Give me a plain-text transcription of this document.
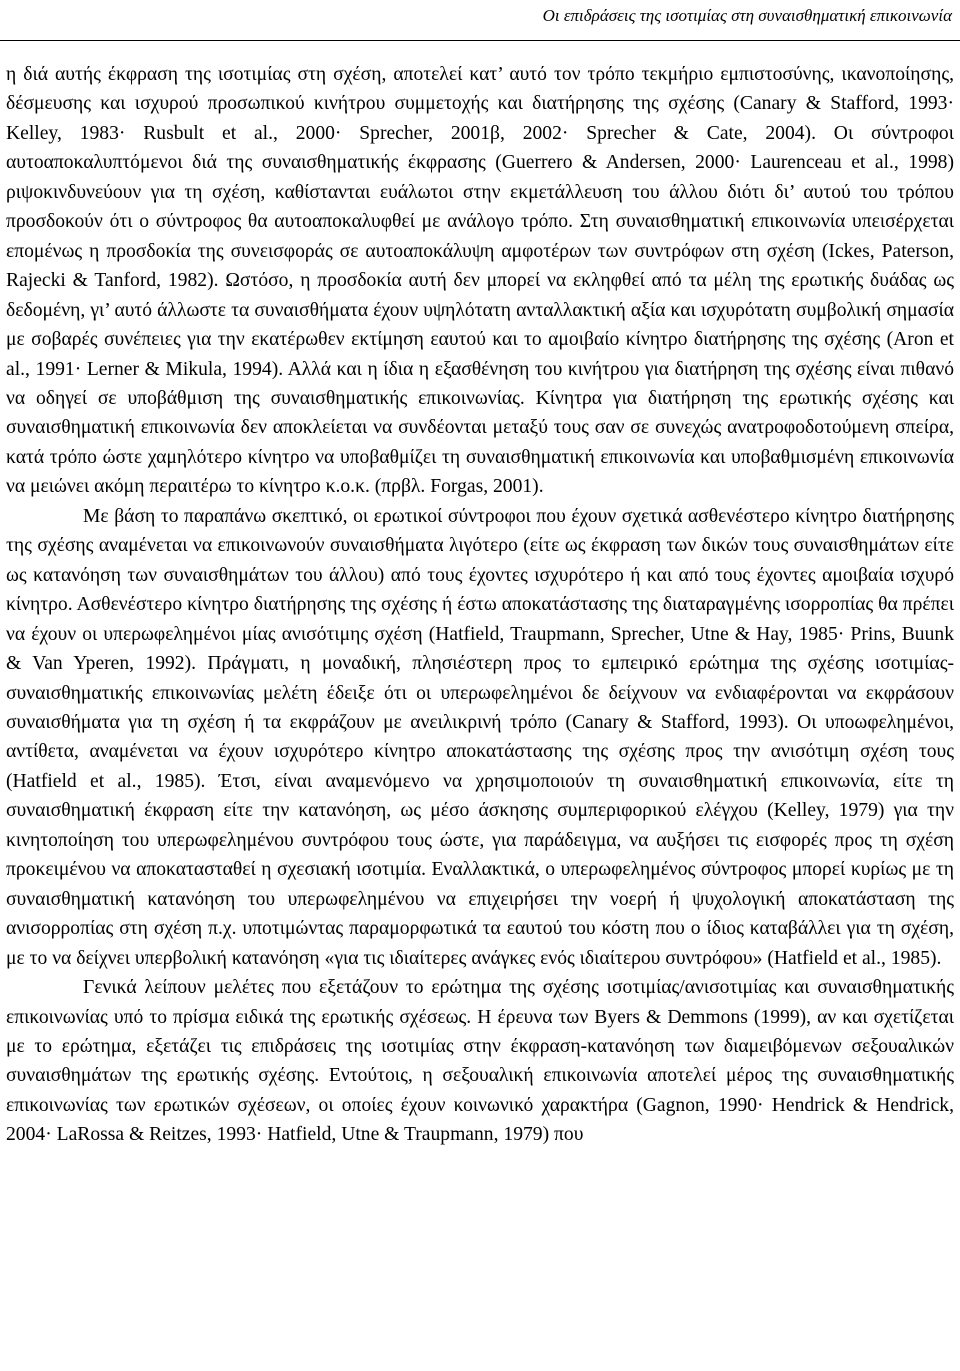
Οι επιδράσεις της ισοτιμίας στη συναισθηματική επικοινωνία

η διά αυτής έκφραση της ισοτιμίας στη σχέση, αποτελεί κατ’ αυτό τον τρόπο τεκμήριο εμπιστοσύνης, ικανοποίησης, δέσμευσης και ισχυρού προσωπικού κινήτρου συμμετοχής και διατήρησης της σχέσης (Canary & Stafford, 1993· Kelley, 1983· Rusbult et al., 2000· Sprecher, 2001β, 2002· Sprecher & Cate, 2004). Οι σύντροφοι αυτοαποκαλυπτόμενοι διά της συναισθηματικής έκφρασης (Guerrero & Andersen, 2000· Laurenceau et al., 1998) ριψοκινδυνεύουν για τη σχέση, καθίστανται ευάλωτοι στην εκμετάλλευση του άλλου διότι δι’ αυτού του τρόπου προσδοκούν ότι ο σύντροφος θα αυτοαποκαλυφθεί με ανάλογο τρόπο. Στη συναισθηματική επικοινωνία υπεισέρχεται επομένως η προσδοκία της συνεισφοράς σε αυτοαποκάλυψη αμφοτέρων των συντρόφων στη σχέση (Ickes, Paterson, Rajecki & Tanford, 1982). Ωστόσο, η προσδοκία αυτή δεν μπορεί να εκληφθεί από τα μέλη της ερωτικής δυάδας ως δεδομένη, γι’ αυτό άλλωστε τα συναισθήματα έχουν υψηλότατη ανταλλακτική αξία και ισχυρότατη συμβολική σημασία με σοβαρές συνέπειες για την εκατέρωθεν εκτίμηση εαυτού και το αμοιβαίο κίνητρο διατήρησης της σχέσης (Aron et al., 1991· Lerner & Mikula, 1994). Αλλά και η ίδια η εξασθένηση του κινήτρου για διατήρηση της σχέσης είναι πιθανό να οδηγεί σε υποβάθμιση της συναισθηματικής επικοινωνίας. Κίνητρα για διατήρηση της ερωτικής σχέσης και συναισθηματική επικοινωνία δεν αποκλείεται να συνδέονται μεταξύ τους σαν σε συνεχώς ανατροφοδοτούμενη σπείρα, κατά τρόπο ώστε χαμηλότερο κίνητρο να υποβαθμίζει τη συναισθηματική επικοινωνία και υποβαθμισμένη επικοινωνία να μειώνει ακόμη περαιτέρω το κίνητρο κ.ο.κ. (πρβλ. Forgas, 2001).

Με βάση το παραπάνω σκεπτικό, οι ερωτικοί σύντροφοι που έχουν σχετικά ασθενέστερο κίνητρο διατήρησης της σχέσης αναμένεται να επικοινωνούν συναισθήματα λιγότερο (είτε ως έκφραση των δικών τους συναισθημάτων είτε ως κατανόηση των συναισθημάτων του άλλου) από τους έχοντες ισχυρότερο ή και από τους έχοντες αμοιβαία ισχυρό κίνητρο. Ασθενέστερο κίνητρο διατήρησης της σχέσης ή έστω αποκατάστασης της διαταραγμένης ισορροπίας θα πρέπει να έχουν οι υπερωφελημένοι μίας ανισότιμης σχέση (Hatfield, Traupmann, Sprecher, Utne & Hay, 1985· Prins, Buunk & Van Yperen, 1992). Πράγματι, η μοναδική, πλησιέστερη προς το εμπειρικό ερώτημα της σχέσης ισοτιμίας-συναισθηματικής επικοινωνίας μελέτη έδειξε ότι οι υπερωφελημένοι δε δείχνουν να ενδιαφέρονται να εκφράσουν συναισθήματα για τη σχέση ή τα εκφράζουν με ανειλικρινή τρόπο (Canary & Stafford, 1993). Οι υποωφελημένοι, αντίθετα, αναμένεται να έχουν ισχυρότερο κίνητρο αποκατάστασης της σχέσης προς την ανισότιμη σχέση τους (Hatfield et al., 1985). Έτσι, είναι αναμενόμενο να χρησιμοποιούν τη συναισθηματική επικοινωνία, είτε τη συναισθηματική έκφραση είτε την κατανόηση, ως μέσο άσκησης συμπεριφορικού ελέγχου (Kelley, 1979) για την κινητοποίηση του υπερωφελημένου συντρόφου τους ώστε, για παράδειγμα, να αυξήσει τις εισφορές προς τη σχέση προκειμένου να αποκατασταθεί η σχεσιακή ισοτιμία. Εναλλακτικά, ο υπερωφελημένος σύντροφος μπορεί κυρίως με τη συναισθηματική κατανόηση του υπερωφελημένου να επιχειρήσει την νοερή ή ψυχολογική αποκατάσταση της ανισορροπίας στη σχέση π.χ. υποτιμώντας παραμορφωτικά τα εαυτού του κόστη που ο ίδιος καταβάλλει για τη σχέση, με το να δείχνει υπερβολική κατανόηση «για τις ιδιαίτερες ανάγκες ενός ιδιαίτερου συντρόφου» (Hatfield et al., 1985).

Γενικά λείπουν μελέτες που εξετάζουν το ερώτημα της σχέσης ισοτιμίας/ανισοτιμίας και συναισθηματικής επικοινωνίας υπό το πρίσμα ειδικά της ερωτικής σχέσεως. Η έρευνα των Byers & Demmons (1999), αν και σχετίζεται με το ερώτημα, εξετάζει τις επιδράσεις της ισοτιμίας στην έκφραση-κατανόηση των διαμειβόμενων σεξουαλικών συναισθημάτων της ερωτικής σχέσης. Εντούτοις, η σεξουαλική επικοινωνία αποτελεί μέρος της συναισθηματικής επικοινωνίας των ερωτικών σχέσεων, οι οποίες έχουν κοινωνικό χαρακτήρα (Gagnon, 1990· Hendrick & Hendrick, 2004· LaRossa & Reitzes, 1993· Hatfield, Utne & Traupmann, 1979) που
